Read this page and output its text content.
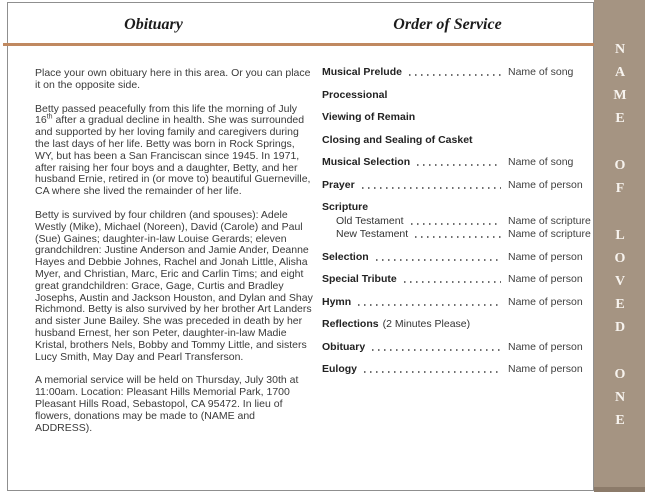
Obituary	Order of Service
NAME
OF
LOVED
ONE

Place your own obituary here in this area. Or you can place it on the opposite side.

Betty passed peacefully from this life the morning of July 16th after a gradual decline in health. She was surrounded and supported by her loving family and caregivers during the last days of her life. Betty was born in Rock Springs, WY, but has been a San Franciscan since 1945. In 1971, after raising her four boys and a daughter, Betty, and her husband Ernie, retired in (or move to) beautiful Guerneville, CA where she lived the remainder of her life.

Betty is survived by four children (and spouses): Adele Westly (Mike), Michael (Noreen), David (Carole) and Paul (Sue) Gaines; daughter-in-law Louise Gerards; eleven grandchildren: Justine Anderson and Jamie Ander, Deanne Hayes and Debbie Johnes, Rachel and Jonah Little, Alisha Myer, and Christian, Marc, Eric and Carlin Tims; and eight great grandchildren: Grace, Gage, Curtis and Bradley Josephs, Austin and Jackson Houston, and Dylan and Shay Richmond. Betty is also survived by her brother Art Landers and sister June Bailey. She was preceded in death by her husband Ernest, her son Peter, daughter-in-law Madie Kristal, brothers Nels, Bobby and Tommy Little, and sisters Lucy Smith, May Day and Pearl Transferson.

A memorial service will be held on Thursday, July 30th at 11:00am. Location: Pleasant Hills Memorial Park, 1700 Pleasant Hills Road, Sebastopol, CA 95472. In lieu of flowers, donations may be made to (NAME and ADDRESS).

Musical Prelude	Name of song
Processional
Viewing of Remain
Closing and Sealing of Casket
Musical Selection	Name of song
Prayer	Name of person
Scripture
Old Testament	Name of scripture
New Testament	Name of scripture
Selection	Name of person
Special Tribute	Name of person
Hymn	Name of person
Reflections (2 Minutes Please)
Obituary	Name of person
Eulogy	Name of person
